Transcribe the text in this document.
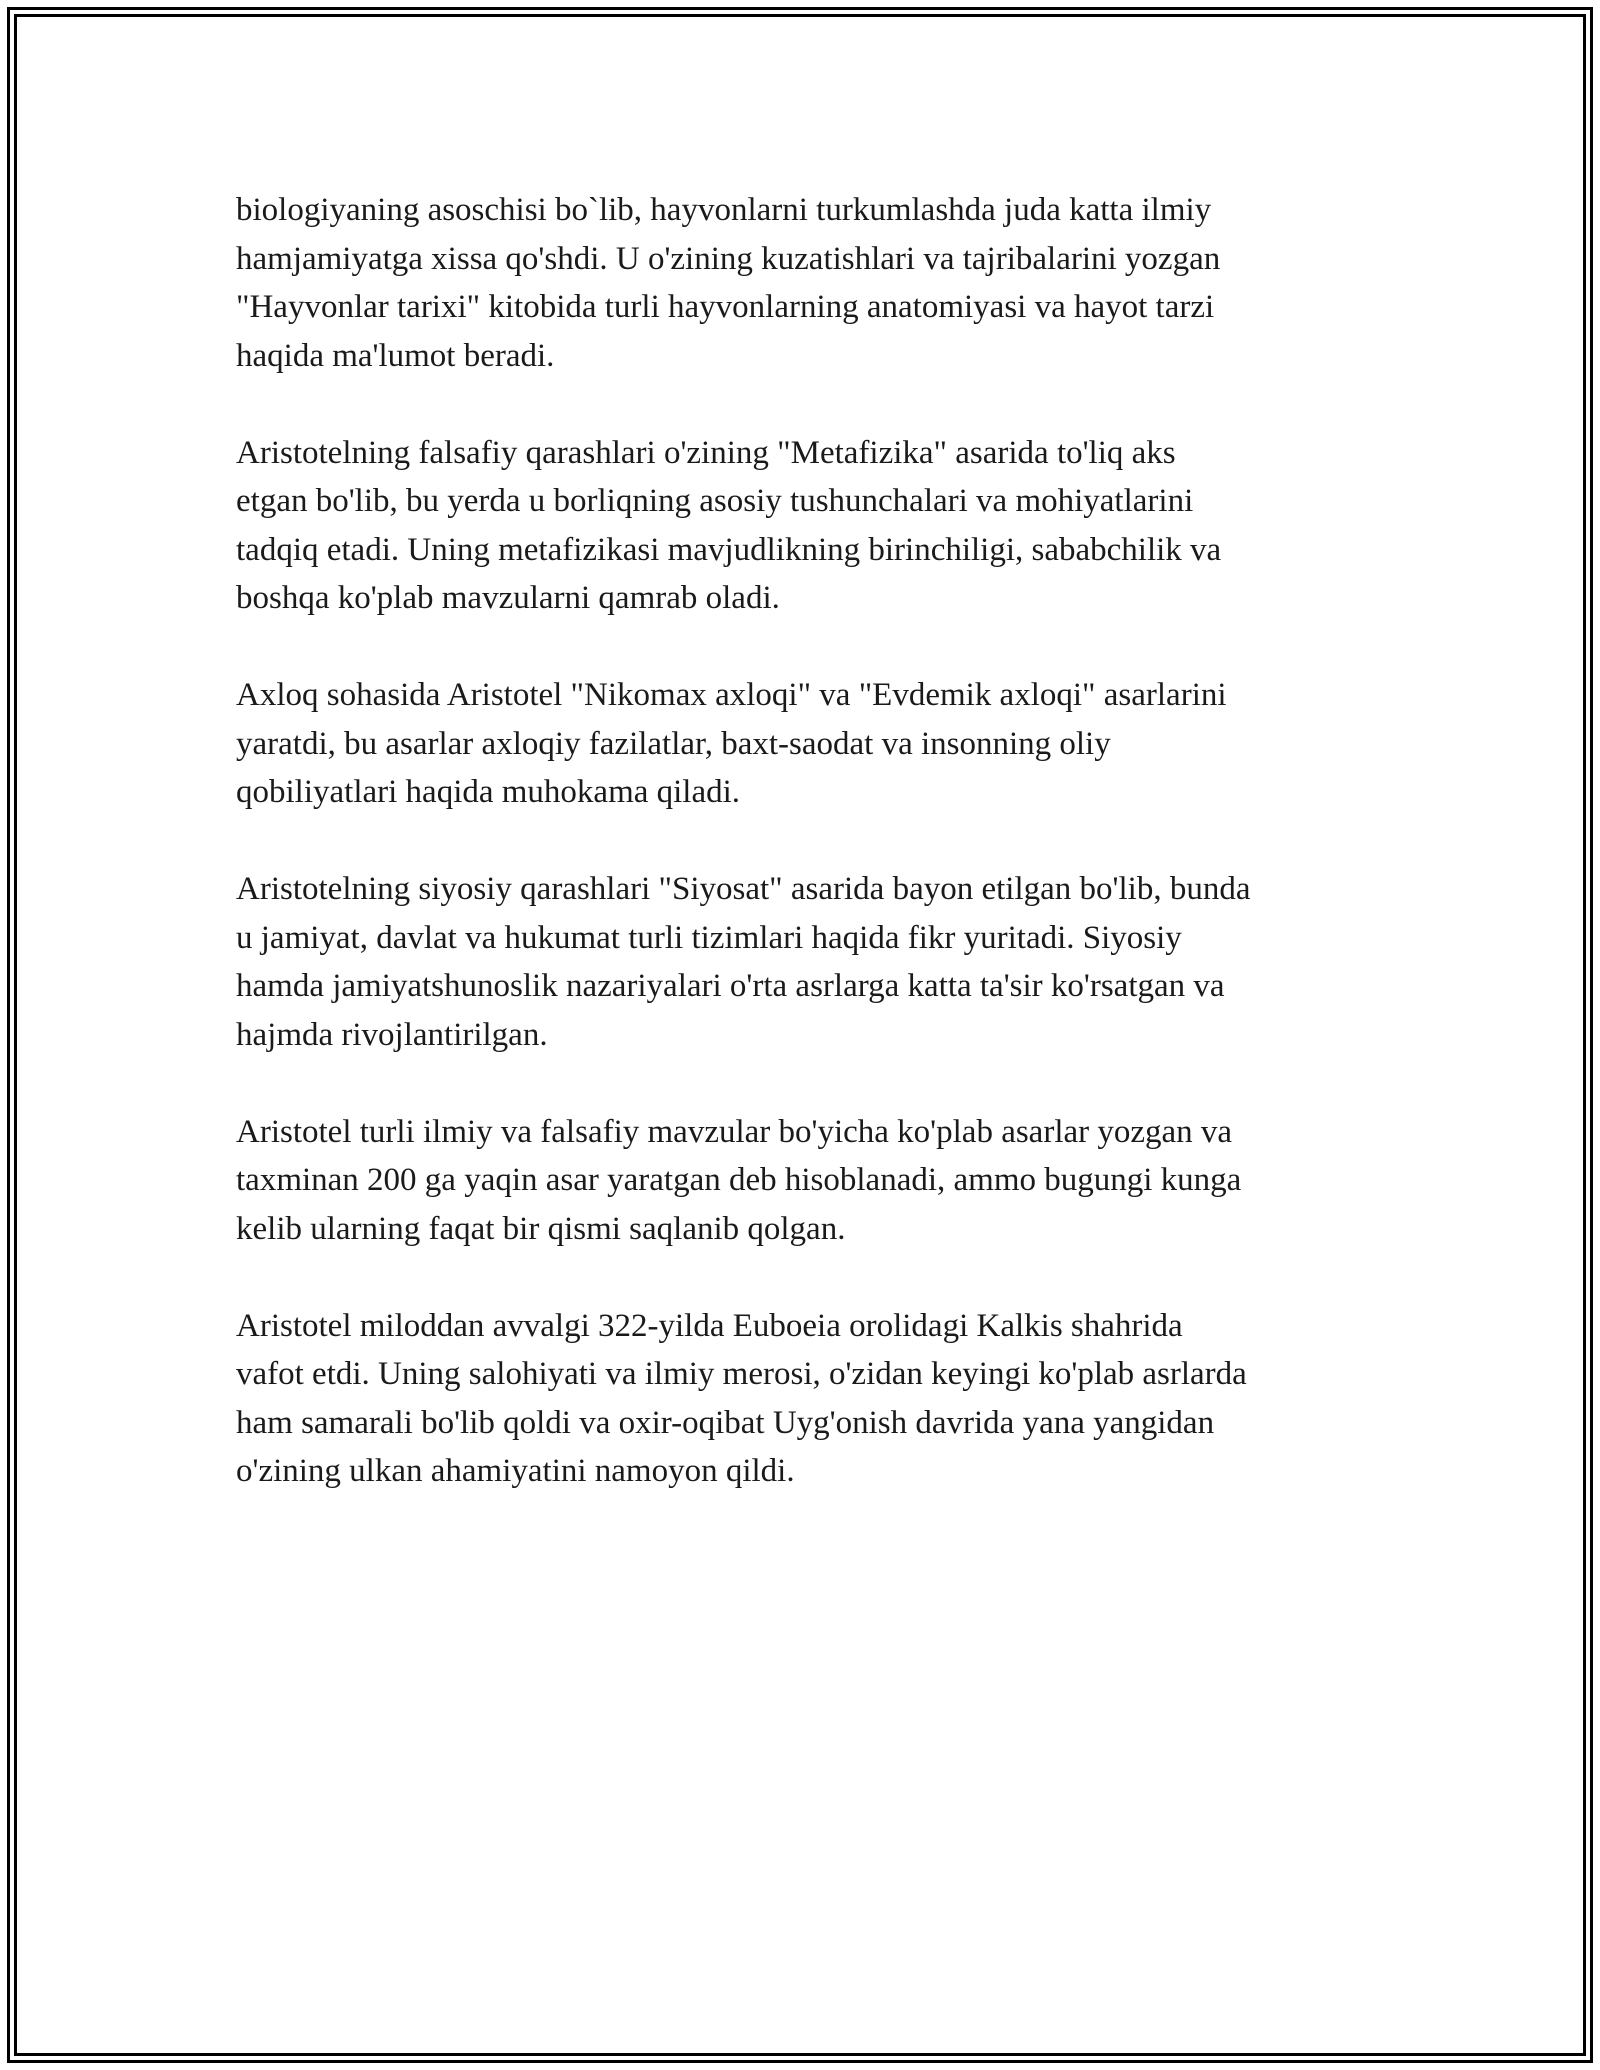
biologiyaning asoschisi bo`lib, hayvonlarni turkumlashda juda katta ilmiy
hamjamiyatga xissa qo'shdi. U o'zining kuzatishlari va tajribalarini yozgan
"Hayvonlar tarixi" kitobida turli hayvonlarning anatomiyasi va hayot tarzi
haqida ma'lumot beradi.

Aristotelning falsafiy qarashlari o'zining "Metafizika" asarida to'liq aks
etgan bo'lib, bu yerda u borliqning asosiy tushunchalari va mohiyatlarini
tadqiq etadi. Uning metafizikasi mavjudlikning birinchiligi, sababchilik va
boshqa ko'plab mavzularni qamrab oladi.

Axloq sohasida Aristotel "Nikomax axloqi" va "Evdemik axloqi" asarlarini
yaratdi, bu asarlar axloqiy fazilatlar, baxt-saodat va insonning oliy
qobiliyatlari haqida muhokama qiladi.

Aristotelning siyosiy qarashlari "Siyosat" asarida bayon etilgan bo'lib, bunda
u jamiyat, davlat va hukumat turli tizimlari haqida fikr yuritadi. Siyosiy
hamda jamiyatshunoslik nazariyalari o'rta asrlarga katta ta'sir ko'rsatgan va
hajmda rivojlantirilgan.

Aristotel turli ilmiy va falsafiy mavzular bo'yicha ko'plab asarlar yozgan va
taxminan 200 ga yaqin asar yaratgan deb hisoblanadi, ammo bugungi kunga
kelib ularning faqat bir qismi saqlanib qolgan.

Aristotel miloddan avvalgi 322-yilda Euboeia orolidagi Kalkis shahrida
vafot etdi. Uning salohiyati va ilmiy merosi, o'zidan keyingi ko'plab asrlarda
ham samarali bo'lib qoldi va oxir-oqibat Uyg'onish davrida yana yangidan
o'zining ulkan ahamiyatini namoyon qildi.
